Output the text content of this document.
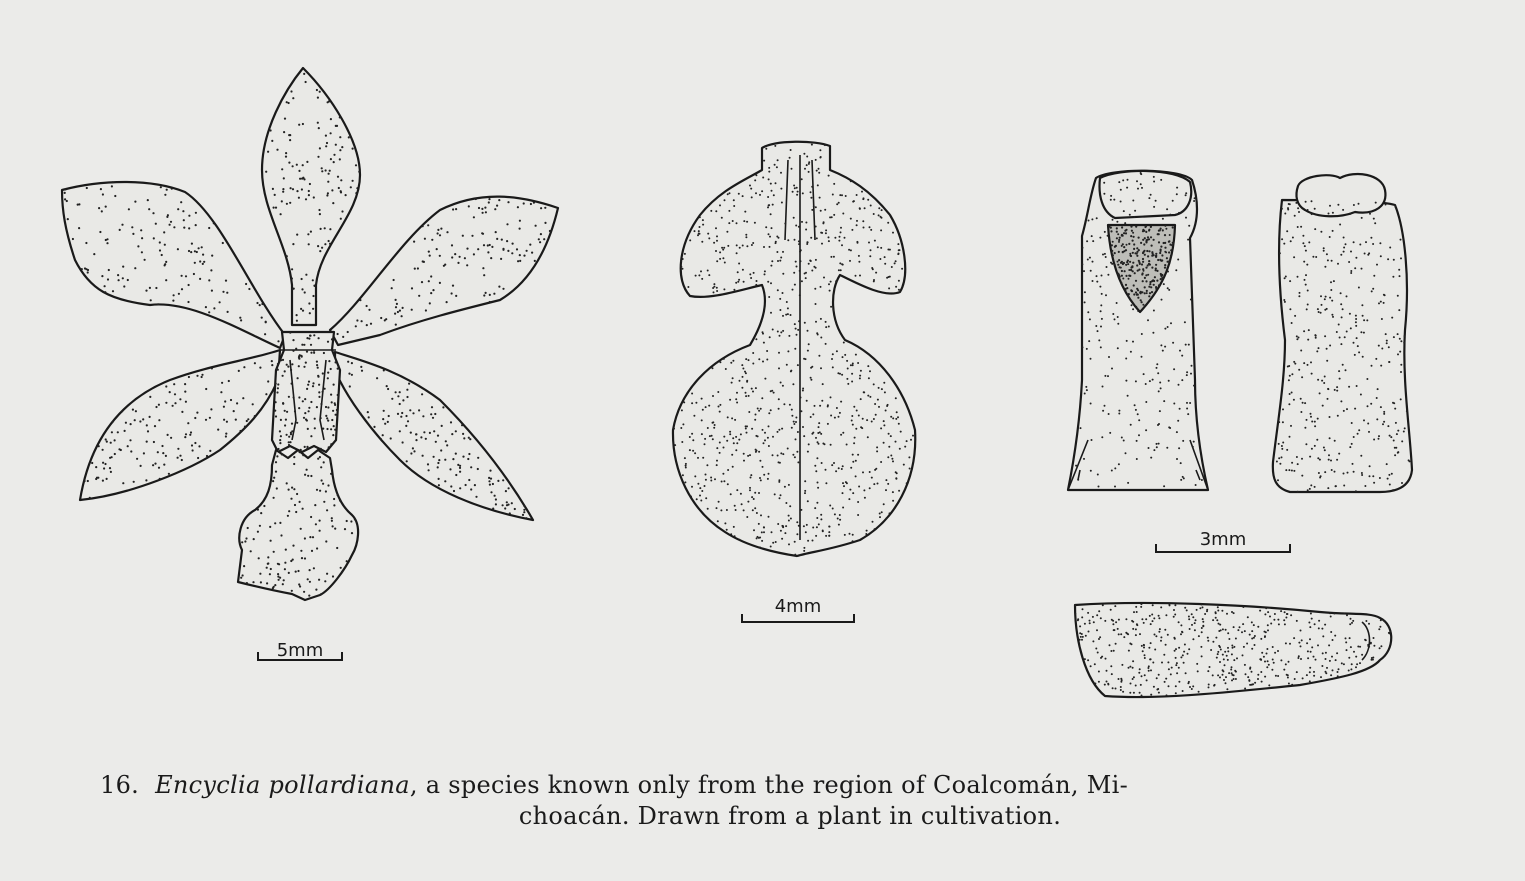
5mm
4mm
3mm
16. Encyclia pollardiana, a species known only from the region of Coalcomán, Mi-
choacán. Drawn from a plant in cultivation.
